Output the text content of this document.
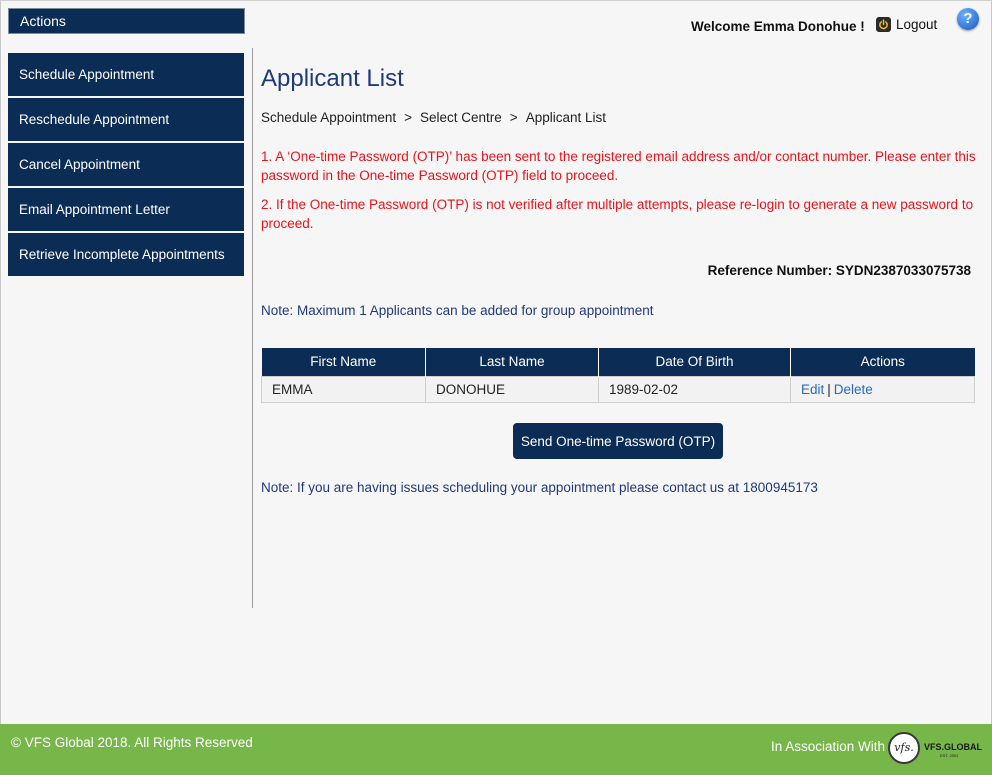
Actions
Schedule Appointment
Reschedule Appointment
Cancel Appointment
Email Appointment Letter
Retrieve Incomplete Appointments
Welcome Emma Donohue ! Logout	?
Applicant List
Schedule Appointment > Select Centre > Applicant List

1. A ‘One-time Password (OTP)’ has been sent to the registered email address and/or contact number. Please enter this password in the One-time Password (OTP) field to proceed.

2. If the One-time Password (OTP) is not verified after multiple attempts, please re-login to generate a new password to proceed.

Reference Number: SYDN2387033075738
Note: Maximum 1 Applicants can be added for group appointment
First Name	Last Name	Date Of Birth	Actions
EMMA	DONOHUE	1989-02-02	Edit | Delete
Send One-time Password (OTP)
Note: If you are having issues scheduling your appointment please contact us at 1800945173
© VFS Global 2018. All Rights Reserved	In Association With vfs.	VFS.GLOBAL
EST. 2001
